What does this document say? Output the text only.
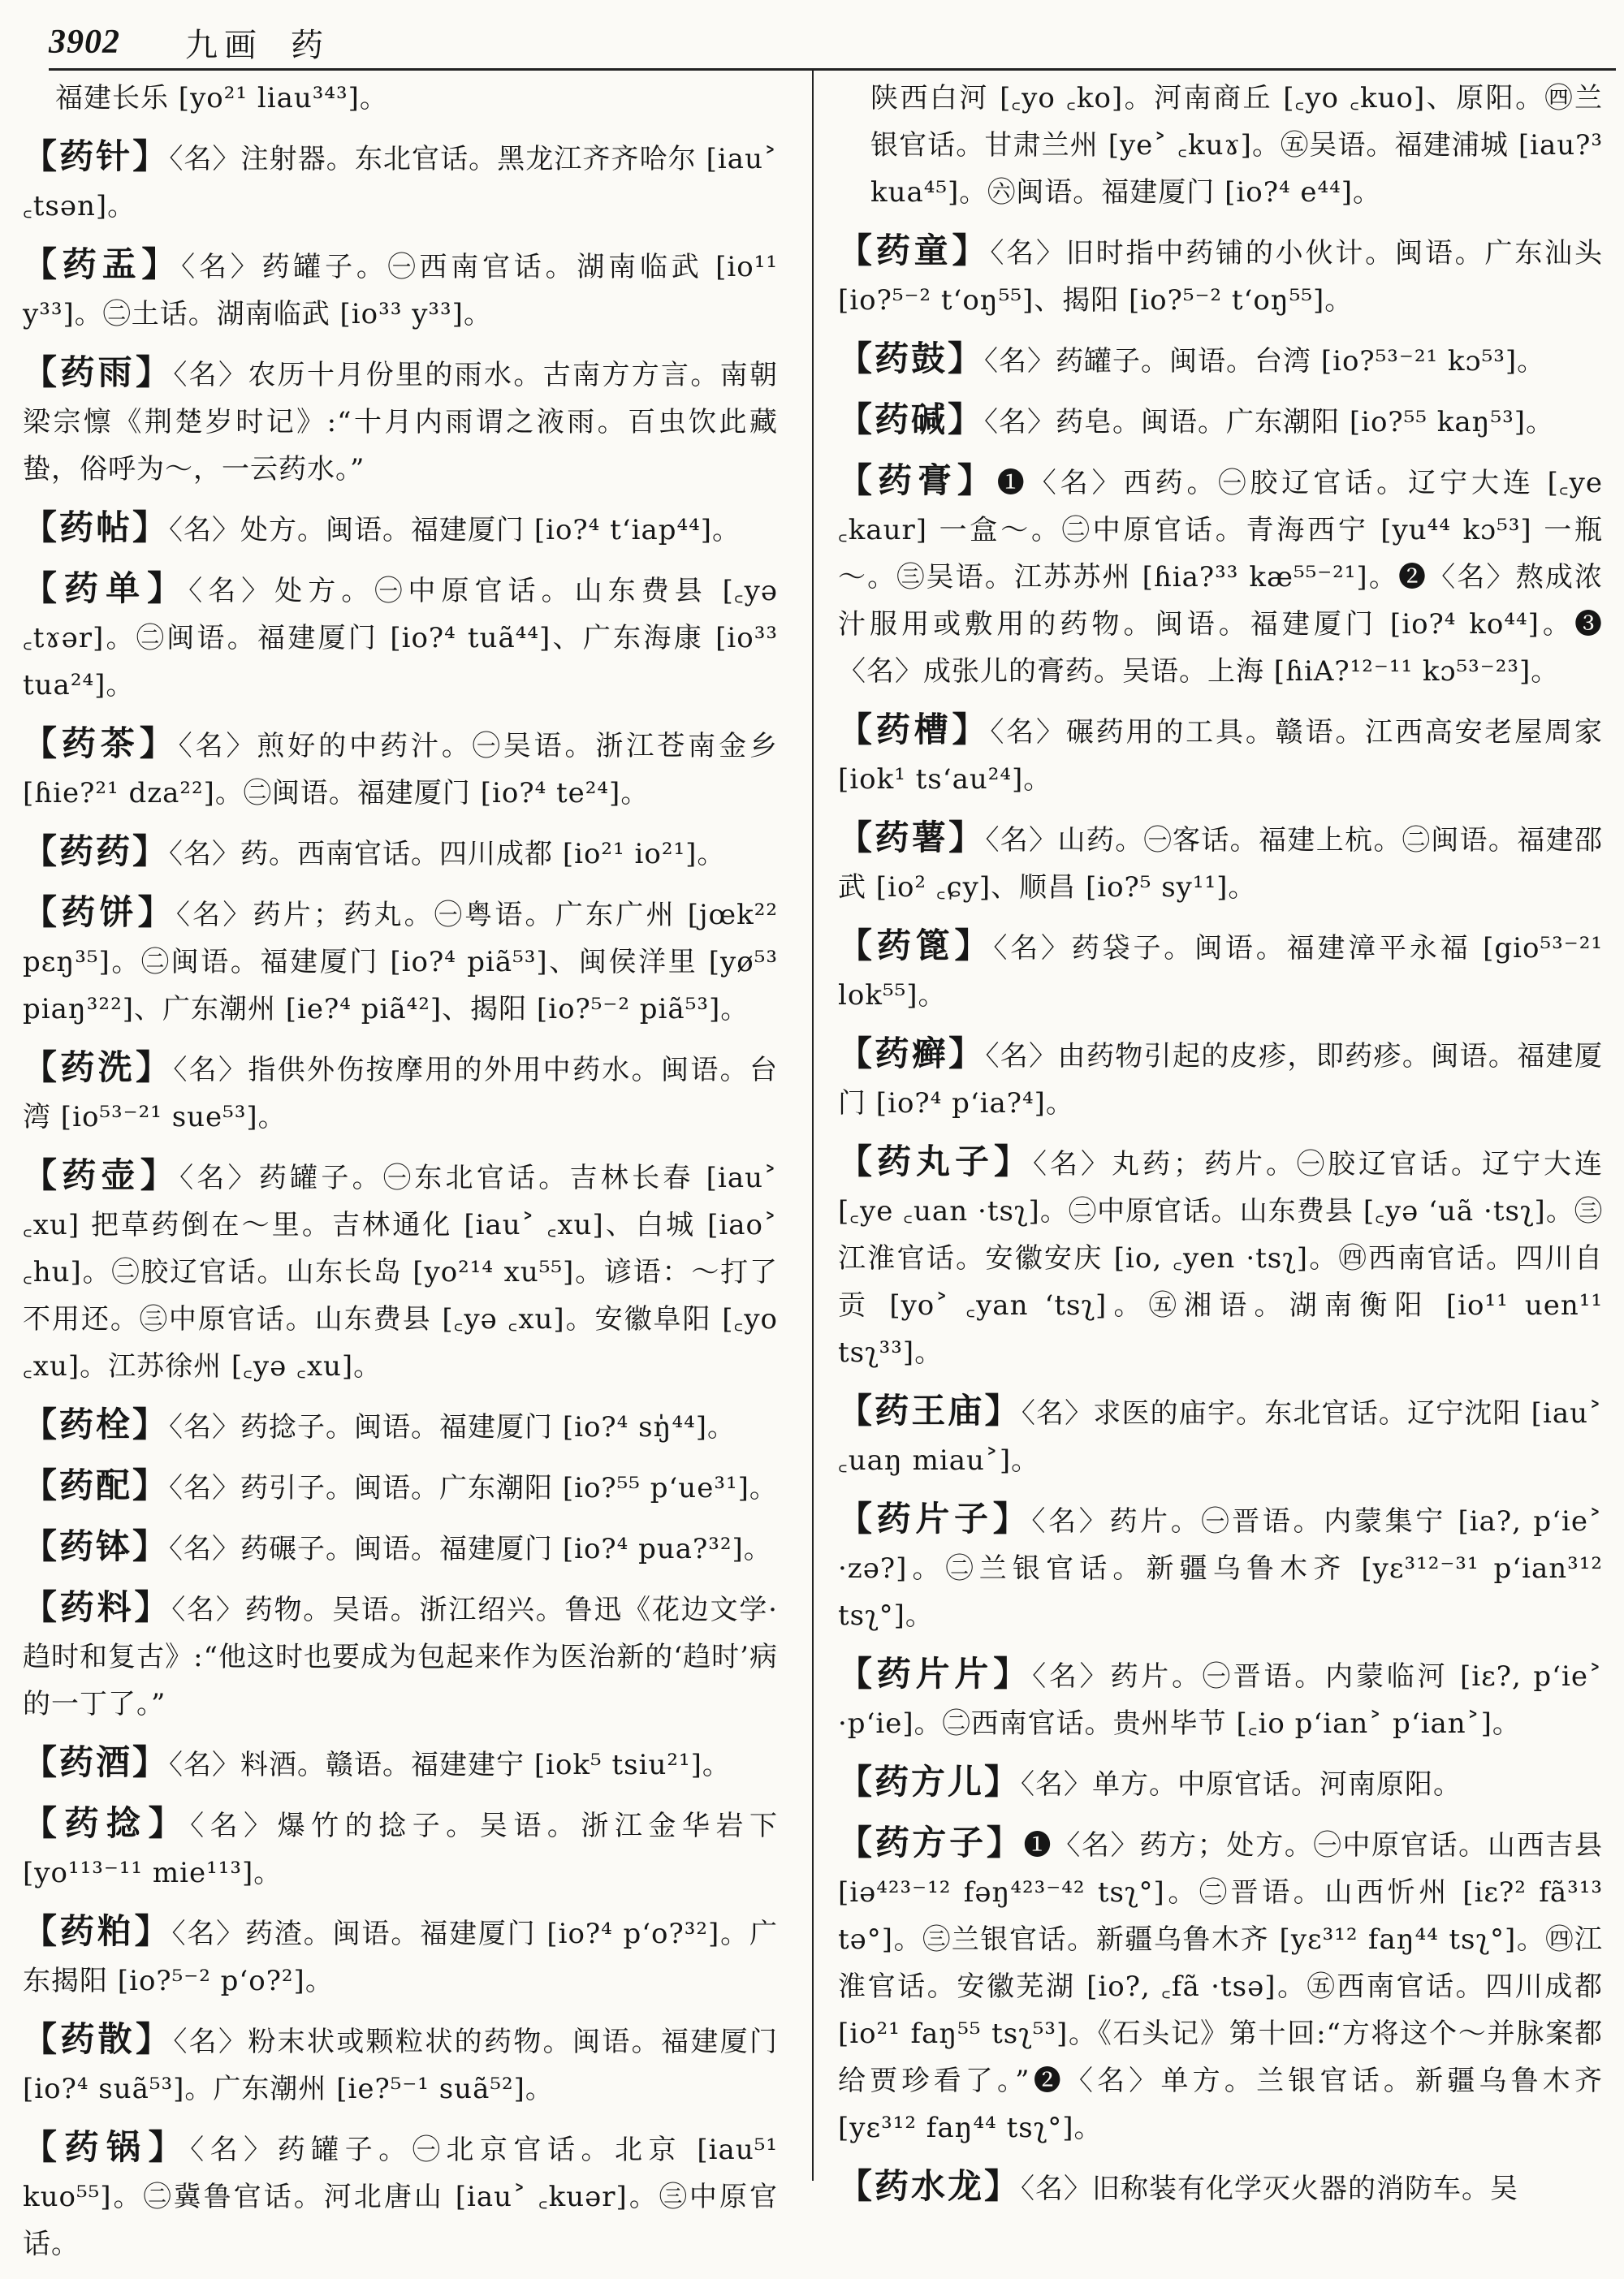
3902 九画 药

福建长乐 [yo²¹ liau³⁴³]。

【药针】〈名〉注射器。东北官话。黑龙江齐齐哈尔 [iau˃ ꜀tsən]。

【药盂】〈名〉药罐子。㊀西南官话。湖南临武 [io¹¹ y³³]。㊁土话。湖南临武 [io³³ y³³]。

【药雨】〈名〉农历十月份里的雨水。古南方方言。南朝梁宗懔《荆楚岁时记》:“十月内雨谓之液雨。百虫饮此藏蛰，俗呼为～，一云药水。”

【药帖】〈名〉处方。闽语。福建厦门 [io?⁴ t‘iap⁴⁴]。

【药单】〈名〉处方。㊀中原官话。山东费县 [꜀yə ꜀tɤər]。㊁闽语。福建厦门 [io?⁴ tuã⁴⁴]、广东海康 [io³³ tua²⁴]。

【药茶】〈名〉煎好的中药汁。㊀吴语。浙江苍南金乡 [ɦie?²¹ dza²²]。㊁闽语。福建厦门 [io?⁴ te²⁴]。

【药药】〈名〉药。西南官话。四川成都 [io²¹ io²¹]。

【药饼】〈名〉药片；药丸。㊀粤语。广东广州 [jœk²² pɛŋ³⁵]。㊁闽语。福建厦门 [io?⁴ piã⁵³]、闽侯洋里 [yø⁵³ piaŋ³²²]、广东潮州 [ie?⁴ piã⁴²]、揭阳 [io?⁵⁻² piã⁵³]。

【药洗】〈名〉指供外伤按摩用的外用中药水。闽语。台湾 [io⁵³⁻²¹ sue⁵³]。

【药壶】〈名〉药罐子。㊀东北官话。吉林长春 [iau˃ ꜀xu] 把草药倒在～里。吉林通化 [iau˃ ꜀xu]、白城 [iao˃ ꜀hu]。㊁胶辽官话。山东长岛 [yo²¹⁴ xu⁵⁵]。谚语：～打了不用还。㊂中原官话。山东费县 [꜀yə ꜀xu]。安徽阜阳 [꜀yo ꜀xu]。江苏徐州 [꜀yə ꜀xu]。

【药栓】〈名〉药捻子。闽语。福建厦门 [io?⁴ sŋ̍⁴⁴]。

【药配】〈名〉药引子。闽语。广东潮阳 [io?⁵⁵ p‘ue³¹]。

【药钵】〈名〉药碾子。闽语。福建厦门 [io?⁴ pua?³²]。

【药料】〈名〉药物。吴语。浙江绍兴。鲁迅《花边文学·趋时和复古》:“他这时也要成为包起来作为医治新的‘趋时’病的一丁了。”

【药酒】〈名〉料酒。赣语。福建建宁 [iok⁵ tsiu²¹]。

【药捻】〈名〉爆竹的捻子。吴语。浙江金华岩下 [yo¹¹³⁻¹¹ mie¹¹³]。

【药粕】〈名〉药渣。闽语。福建厦门 [io?⁴ p‘o?³²]。广东揭阳 [io?⁵⁻² p‘o?²]。

【药散】〈名〉粉末状或颗粒状的药物。闽语。福建厦门 [io?⁴ suã⁵³]。广东潮州 [ie?⁵⁻¹ suã⁵²]。

【药锅】〈名〉药罐子。㊀北京官话。北京 [iau⁵¹ kuo⁵⁵]。㊁冀鲁官话。河北唐山 [iau˃ ꜀kuər]。㊂中原官话。

陕西白河 [꜀yo ꜀ko]。河南商丘 [꜀yo ꜀kuo]、原阳。㊃兰银官话。甘肃兰州 [ye˃ ꜀kuɤ]。㊄吴语。福建浦城 [iau?³ kua⁴⁵]。㊅闽语。福建厦门 [io?⁴ e⁴⁴]。

【药童】〈名〉旧时指中药铺的小伙计。闽语。广东汕头 [io?⁵⁻² t‘oŋ⁵⁵]、揭阳 [io?⁵⁻² t‘oŋ⁵⁵]。

【药鼓】〈名〉药罐子。闽语。台湾 [io?⁵³⁻²¹ kɔ⁵³]。

【药碱】〈名〉药皂。闽语。广东潮阳 [io?⁵⁵ kaŋ⁵³]。

【药膏】❶〈名〉西药。㊀胶辽官话。辽宁大连 [꜀ye ꜀kaur] 一盒～。㊁中原官话。青海西宁 [yu⁴⁴ kɔ⁵³] 一瓶～。㊂吴语。江苏苏州 [ɦia?³³ kæ⁵⁵⁻²¹]。❷〈名〉熬成浓汁服用或敷用的药物。闽语。福建厦门 [io?⁴ ko⁴⁴]。❸〈名〉成张儿的膏药。吴语。上海 [ɦiA?¹²⁻¹¹ kɔ⁵³⁻²³]。

【药槽】〈名〉碾药用的工具。赣语。江西高安老屋周家 [iok¹ ts‘au²⁴]。

【药薯】〈名〉山药。㊀客话。福建上杭。㊁闽语。福建邵武 [io² ꜀ɕy]、顺昌 [io?⁵ sy¹¹]。

【药篦】〈名〉药袋子。闽语。福建漳平永福 [gio⁵³⁻²¹ lok⁵⁵]。

【药癣】〈名〉由药物引起的皮疹，即药疹。闽语。福建厦门 [io?⁴ p‘ia?⁴]。

【药丸子】〈名〉丸药；药片。㊀胶辽官话。辽宁大连 [꜀ye ꜀uan ·tsʅ]。㊁中原官话。山东费县 [꜀yə ‘uã ·tsʅ]。㊂江淮官话。安徽安庆 [io, ꜀yen ·tsʅ]。㊃西南官话。四川自贡 [yo˃ ꜀yan ‘tsʅ]。㊄湘语。湖南衡阳 [io¹¹ uen¹¹ tsʅ³³]。

【药王庙】〈名〉求医的庙宇。东北官话。辽宁沈阳 [iau˃ ꜀uaŋ miau˃]。

【药片子】〈名〉药片。㊀晋语。内蒙集宁 [ia?, p‘ie˃ ·zə?]。㊁兰银官话。新疆乌鲁木齐 [yɛ³¹²⁻³¹ p‘ian³¹² tsʅ°]。

【药片片】〈名〉药片。㊀晋语。内蒙临河 [iɛ?, p‘ie˃ ·p‘ie]。㊁西南官话。贵州毕节 [꜀io p‘ian˃ p‘ian˃]。

【药方儿】〈名〉单方。中原官话。河南原阳。

【药方子】❶〈名〉药方；处方。㊀中原官话。山西吉县 [iə⁴²³⁻¹² fəŋ⁴²³⁻⁴² tsʅ°]。㊁晋语。山西忻州 [iɛ?² fã³¹³ tə°]。㊂兰银官话。新疆乌鲁木齐 [yɛ³¹² faŋ⁴⁴ tsʅ°]。㊃江淮官话。安徽芜湖 [io?, ꜀fã ·tsə]。㊄西南官话。四川成都 [io²¹ faŋ⁵⁵ tsʅ⁵³]。《石头记》第十回:“方将这个～并脉案都给贾珍看了。”❷〈名〉单方。兰银官话。新疆乌鲁木齐 [yɛ³¹² faŋ⁴⁴ tsʅ°]。

【药水龙】〈名〉旧称装有化学灭火器的消防车。吴
